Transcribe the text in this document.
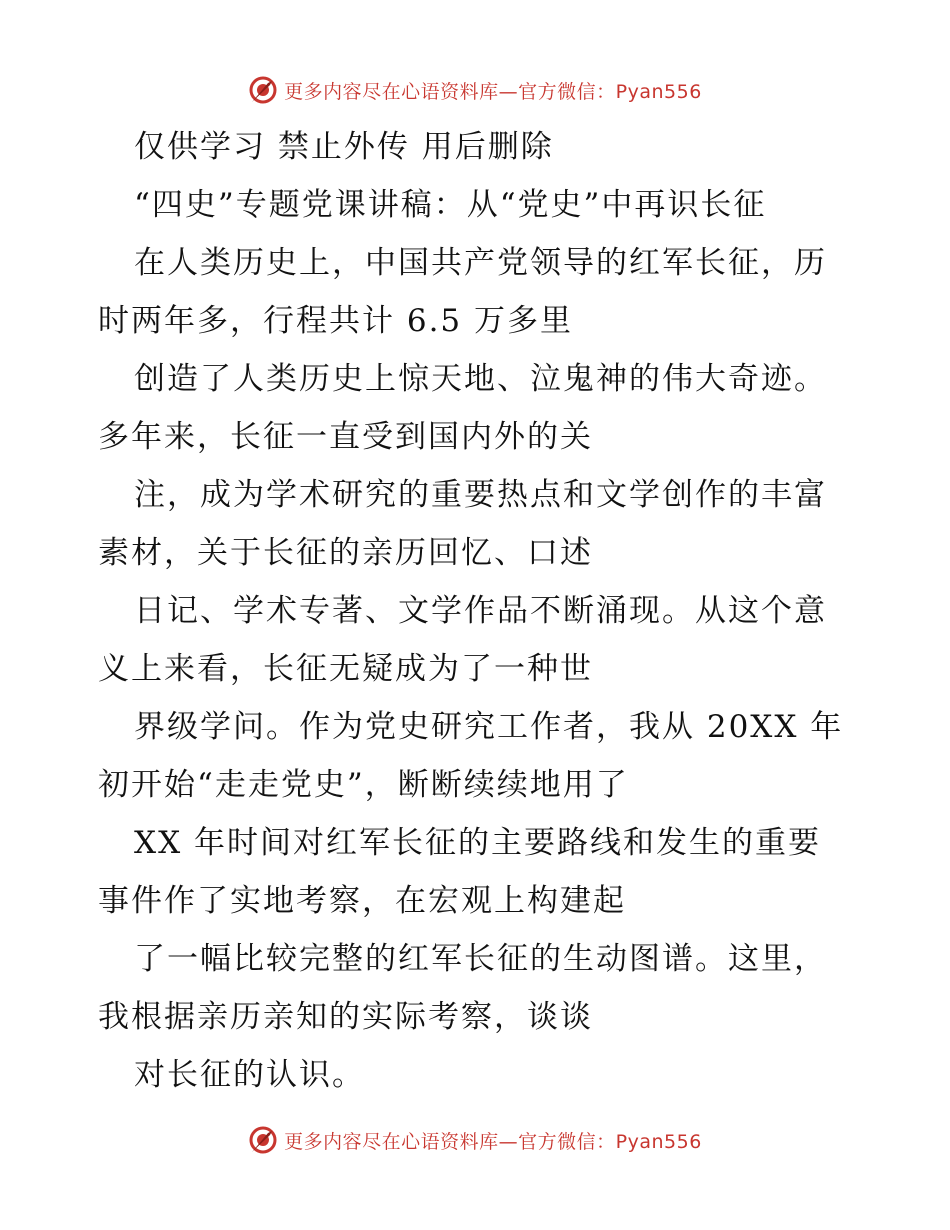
更多内容尽在心语资料库—官方微信：Pyan556
仅供学习 禁止外传 用后删除
“四史”专题党课讲稿：从“党史”中再识长征
在人类历史上，中国共产党领导的红军长征，历
时两年多，行程共计 6.5 万多里
创造了人类历史上惊天地、泣鬼神的伟大奇迹。
多年来，长征一直受到国内外的关
注，成为学术研究的重要热点和文学创作的丰富
素材，关于长征的亲历回忆、口述
日记、学术专著、文学作品不断涌现。从这个意
义上来看，长征无疑成为了一种世
界级学问。作为党史研究工作者，我从 20XX 年
初开始“走走党史”，断断续续地用了
XX 年时间对红军长征的主要路线和发生的重要
事件作了实地考察，在宏观上构建起
了一幅比较完整的红军长征的生动图谱。这里，
我根据亲历亲知的实际考察，谈谈
对长征的认识。
更多内容尽在心语资料库—官方微信：Pyan556
